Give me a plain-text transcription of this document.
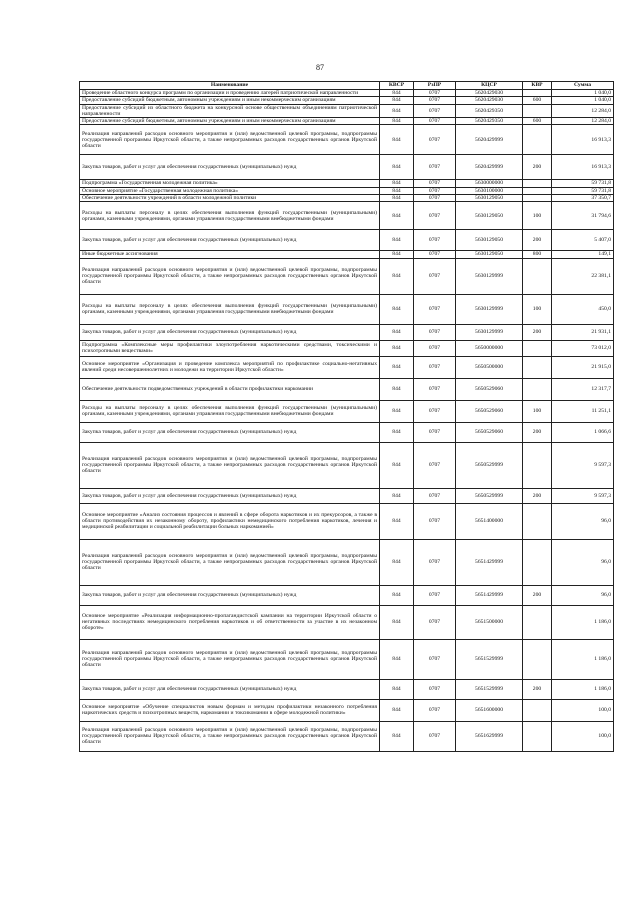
87
Наименование	КВСР	РзПР	КЦСР	КВР	Сумма
Проведение областного конкурса программ по организации и проведению лагерей патриотической направленности	844	0707	5620429030		1 040,0
Предоставление субсидий бюджетным, автономным учреждениям и иным некоммерческим организациям	844	0707	5620429030	600	1 040,0
Предоставление субсидий из областного бюджета на конкурсной основе общественным объединениям патриотической направленности	844	0707	5620429350		12 284,0
Предоставление субсидий бюджетным, автономным учреждениям и иным некоммерческим организациям	844	0707	5620429350	600	12 284,0
Реализация направлений расходов основного мероприятия и (или) ведомственной целевой программы, подпрограммы государственной программы Иркутской области, а также непрограммных расходов государственных органов Иркутской области	844	0707	5620429999		16 913,3
Закупка товаров, работ и услуг для обеспечения государственных (муниципальных) нужд	844	0707	5620429999	200	16 913,3
Подпрограмма «Государственная молодежная политика»	844	0707	5630000000		59 731,8
Основное мероприятие «Государственная молодежная политика»	844	0707	5630100000		59 731,8
Обеспечение деятельности учреждений в области молодежной политики	844	0707	5630129050		37 350,7
Расходы на выплаты персоналу в целях обеспечения выполнения функций государственными (муниципальными) органами, казенными учреждениями, органами управления государственными внебюджетными фондами	844	0707	5630129050	100	31 794,6
Закупка товаров, работ и услуг для обеспечения государственных (муниципальных) нужд	844	0707	5630129050	200	5 407,0
Иные бюджетные ассигнования	844	0707	5630129050	800	149,1
Реализация направлений расходов основного мероприятия и (или) ведомственной целевой программы, подпрограммы государственной программы Иркутской области, а также непрограммных расходов государственных органов Иркутской области	844	0707	5630129999		22 381,1
Расходы на выплаты персоналу в целях обеспечения выполнения функций государственными (муниципальными) органами, казенными учреждениями, органами управления государственными внебюджетными фондами	844	0707	5630129999	100	450,0
Закупка товаров, работ и услуг для обеспечения государственных (муниципальных) нужд	844	0707	5630129999	200	21 931,1
Подпрограмма «Комплексные меры профилактики злоупотребления наркотическими средствами, токсическими и психотропными веществами»	844	0707	5650000000		73 012,0
Основное мероприятие «Организация и проведение комплекса мероприятий по профилактике социально-негативных явлений среди несовершеннолетних и молодежи на территории Иркутской области»	844	0707	5650500000		21 915,0
Обеспечение деятельности подведомственных учреждений в области профилактики наркомании	844	0707	5650529060		12 317,7
Расходы на выплаты персоналу в целях обеспечения выполнения функций государственными (муниципальными) органами, казенными учреждениями, органами управления государственными внебюджетными фондами	844	0707	5650529060	100	11 251,1
Закупка товаров, работ и услуг для обеспечения государственных (муниципальных) нужд	844	0707	5650529060	200	1 066,6
Реализация направлений расходов основного мероприятия и (или) ведомственной целевой программы, подпрограммы государственной программы Иркутской области, а также непрограммных расходов государственных органов Иркутской области	844	0707	5650529999		9 597,3
Закупка товаров, работ и услуг для обеспечения государственных (муниципальных) нужд	844	0707	5650529999	200	9 597,3
Основное мероприятие «Анализ состояния процессов и явлений в сфере оборота наркотиков и их прекурсоров, а также в области противодействия их незаконному обороту, профилактики немедицинского потребления наркотиков, лечения и медицинской реабилитации и социальной реабилитации больных наркоманией»	844	0707	5651400000		96,0
Реализация направлений расходов основного мероприятия и (или) ведомственной целевой программы, подпрограммы государственной программы Иркутской области, а также непрограммных расходов государственных органов Иркутской области	844	0707	5651429999		96,0
Закупка товаров, работ и услуг для обеспечения государственных (муниципальных) нужд	844	0707	5651429999	200	96,0
Основное мероприятие «Реализация информационно-пропагандистской кампании на территории Иркутской области о негативных последствиях немедицинского потребления наркотиков и об ответственности за участие в их незаконном обороте»	844	0707	5651500000		1 186,0
Реализация направлений расходов основного мероприятия и (или) ведомственной целевой программы, подпрограммы государственной программы Иркутской области, а также непрограммных расходов государственных органов Иркутской области	844	0707	5651529999		1 186,0
Закупка товаров, работ и услуг для обеспечения государственных (муниципальных) нужд	844	0707	5651529999	200	1 186,0
Основное мероприятие «Обучение специалистов новым формам и методам профилактики незаконного потребления наркотических средств и психотропных веществ, наркомании и токсикомании в сфере молодежной политики»	844	0707	5651600000		100,0
Реализация направлений расходов основного мероприятия и (или) ведомственной целевой программы, подпрограммы государственной программы Иркутской области, а также непрограммных расходов государственных органов Иркутской области	844	0707	5651629999		100,0
